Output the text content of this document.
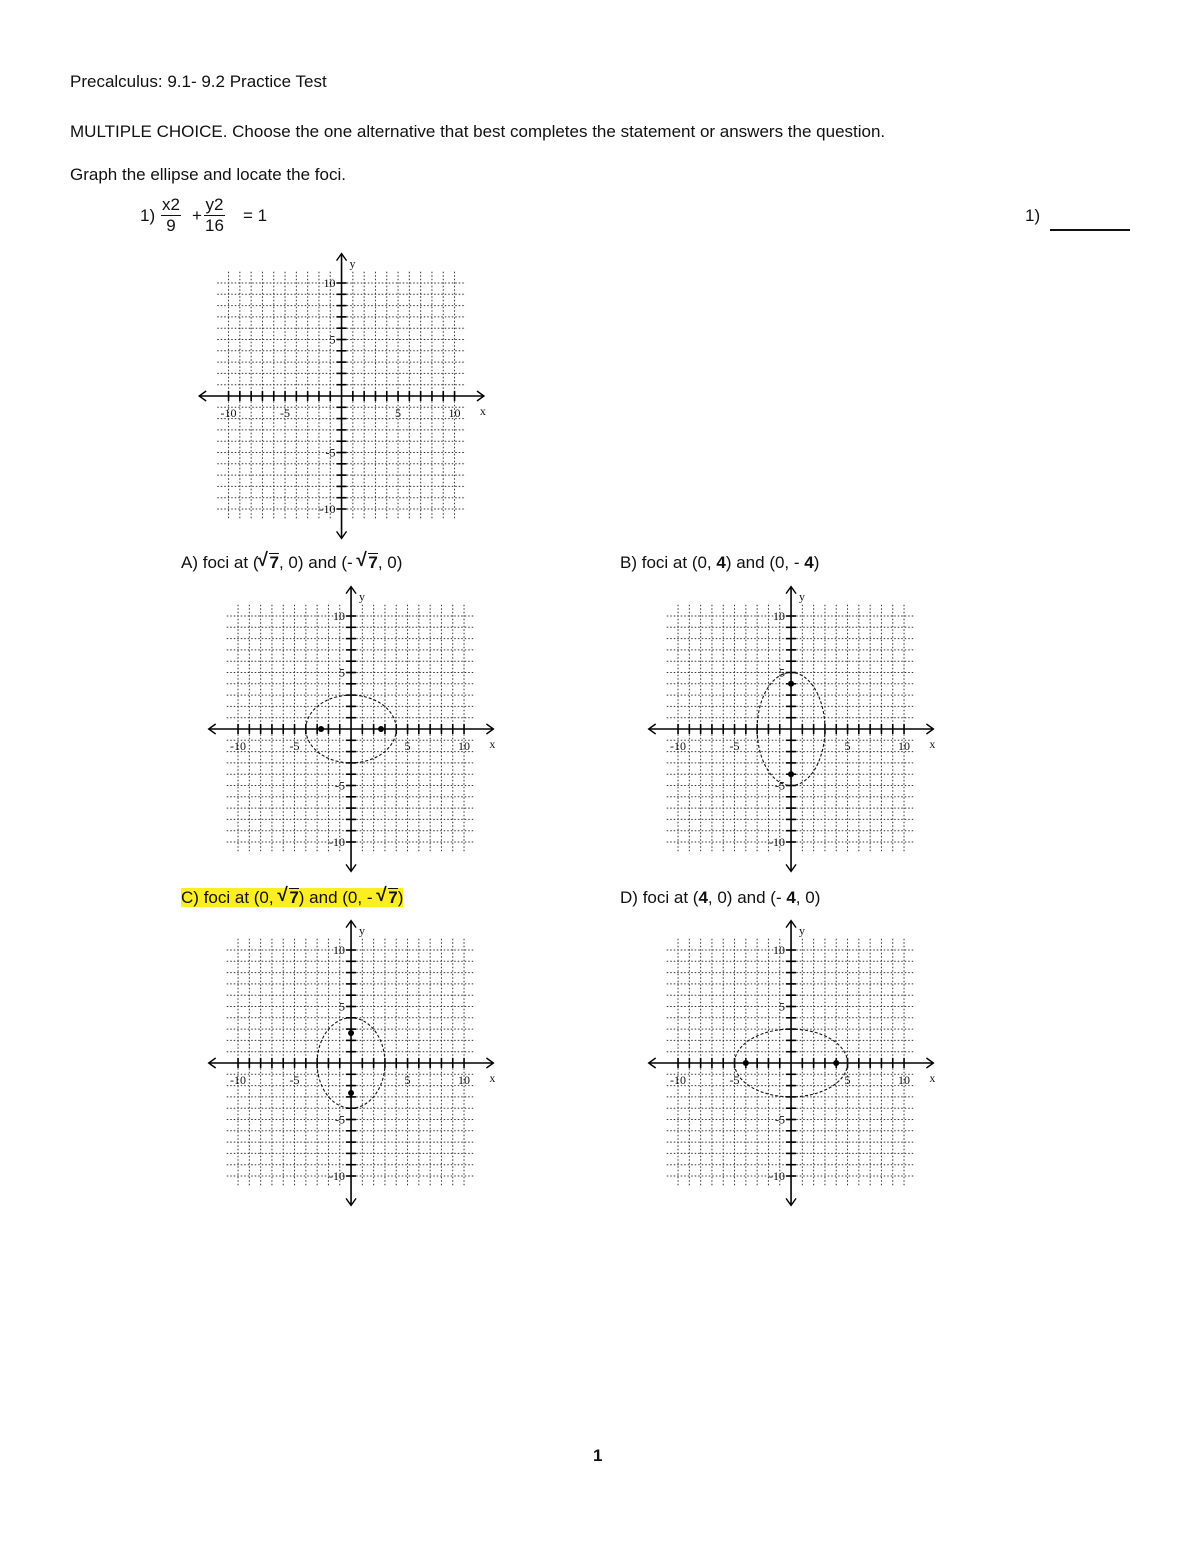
Precalculus: 9.1- 9.2 Practice Test
MULTIPLE CHOICE. Choose the one alternative that best completes the statement or answers the question.
Graph the ellipse and locate the foci.
$1) \frac{x2}{9} + \frac{y2}{16} = 1$	1)
-10	-5	5	10
-10
-5
5
10
x
y
A) foci at (√ 7, 0) and (- √ 7, 0)
-10	-5	5	10
-10
-5
5
10
x
y
B) foci at (0, 4) and (0, - 4)
-10	-5	5	10
-10
-5
5
10
x
y
C) foci at (0, √ 7) and (0, - √ 7)
-10	-5	5	10
-10
-5
5
10
x
y
D) foci at (4, 0) and (- 4, 0)
-10	-5	5	10
-10
-5
5
10
x
y
1
